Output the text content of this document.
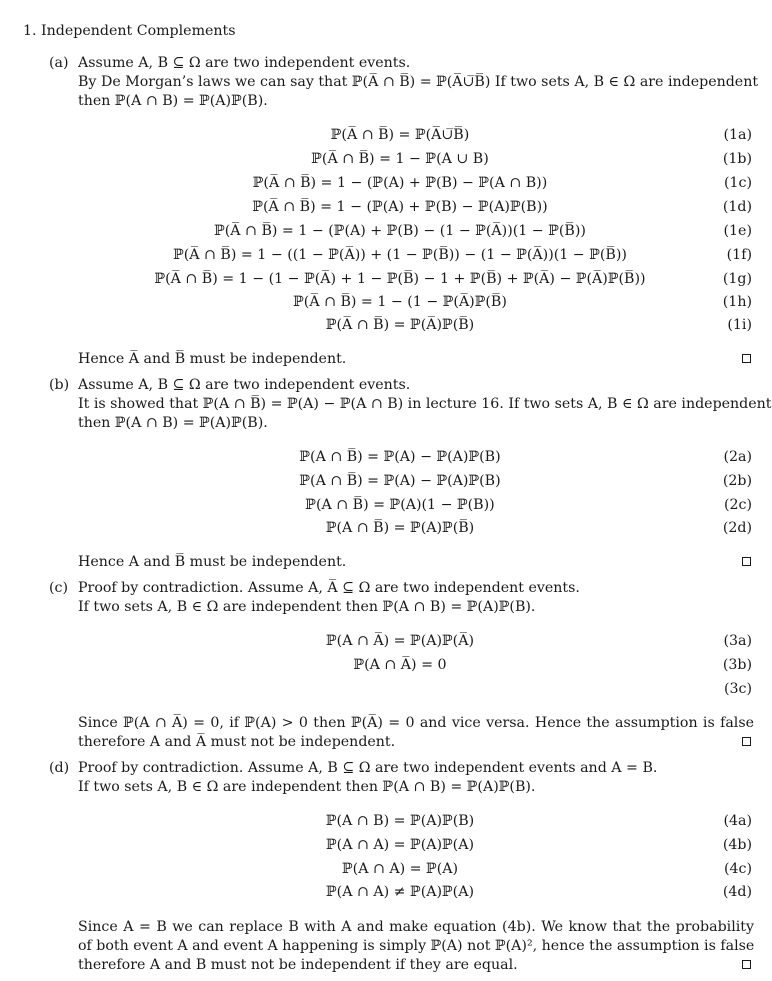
1. Independent Complements
(a) Assume A, B ⊆ Ω are two independent events.
By De Morgan’s laws we can say that ℙ(A̅ ∩ B̅) = ℙ(A̅∪̅B̅) If two sets A, B ∈ Ω are independent
then ℙ(A ∩ B) = ℙ(A)ℙ(B).
ℙ(A̅ ∩ B̅) = ℙ(A̅∪̅B̅)	(1a)
ℙ(A̅ ∩ B̅) = 1 − ℙ(A ∪ B)	(1b)
ℙ(A̅ ∩ B̅) = 1 − (ℙ(A) + ℙ(B) − ℙ(A ∩ B))	(1c)
ℙ(A̅ ∩ B̅) = 1 − (ℙ(A) + ℙ(B) − ℙ(A)ℙ(B))	(1d)
ℙ(A̅ ∩ B̅) = 1 − (ℙ(A) + ℙ(B) − (1 − ℙ(A̅))(1 − ℙ(B̅))	(1e)
ℙ(A̅ ∩ B̅) = 1 − ((1 − ℙ(A̅)) + (1 − ℙ(B̅)) − (1 − ℙ(A̅))(1 − ℙ(B̅))	(1f)
ℙ(A̅ ∩ B̅) = 1 − (1 − ℙ(A̅) + 1 − ℙ(B̅) − 1 + ℙ(B̅) + ℙ(A̅) − ℙ(A̅)ℙ(B̅))	(1g)
ℙ(A̅ ∩ B̅) = 1 − (1 − ℙ(A̅)ℙ(B̅)	(1h)
ℙ(A̅ ∩ B̅) = ℙ(A̅)ℙ(B̅)	(1i)
Hence A̅ and B̅ must be independent.
(b) Assume A, B ⊆ Ω are two independent events.
It is showed that ℙ(A ∩ B̅) = ℙ(A) − ℙ(A ∩ B) in lecture 16. If two sets A, B ∈ Ω are independent
then ℙ(A ∩ B) = ℙ(A)ℙ(B).
ℙ(A ∩ B̅) = ℙ(A) − ℙ(A)ℙ(B)	(2a)
ℙ(A ∩ B̅) = ℙ(A) − ℙ(A)ℙ(B)	(2b)
ℙ(A ∩ B̅) = ℙ(A)(1 − ℙ(B))	(2c)
ℙ(A ∩ B̅) = ℙ(A)ℙ(B̅)	(2d)
Hence A and B̅ must be independent.
(c) Proof by contradiction. Assume A, A̅ ⊆ Ω are two independent events.
If two sets A, B ∈ Ω are independent then ℙ(A ∩ B) = ℙ(A)ℙ(B).
ℙ(A ∩ A̅) = ℙ(A)ℙ(A̅)	(3a)
ℙ(A ∩ A̅) = 0	(3b)
(3c)
Since ℙ(A ∩ A̅) = 0, if ℙ(A) > 0 then ℙ(A̅) = 0 and vice versa. Hence the assumption is false
therefore A and A̅ must not be independent.
(d) Proof by contradiction. Assume A, B ⊆ Ω are two independent events and A = B.
If two sets A, B ∈ Ω are independent then ℙ(A ∩ B) = ℙ(A)ℙ(B).
ℙ(A ∩ B) = ℙ(A)ℙ(B)	(4a)
ℙ(A ∩ A) = ℙ(A)ℙ(A)	(4b)
ℙ(A ∩ A) = ℙ(A)	(4c)
ℙ(A ∩ A) ≠ ℙ(A)ℙ(A)	(4d)
Since A = B we can replace B with A and make equation (4b). We know that the probability
of both event A and event A happening is simply ℙ(A) not ℙ(A)², hence the assumption is false
therefore A and B must not be independent if they are equal.
